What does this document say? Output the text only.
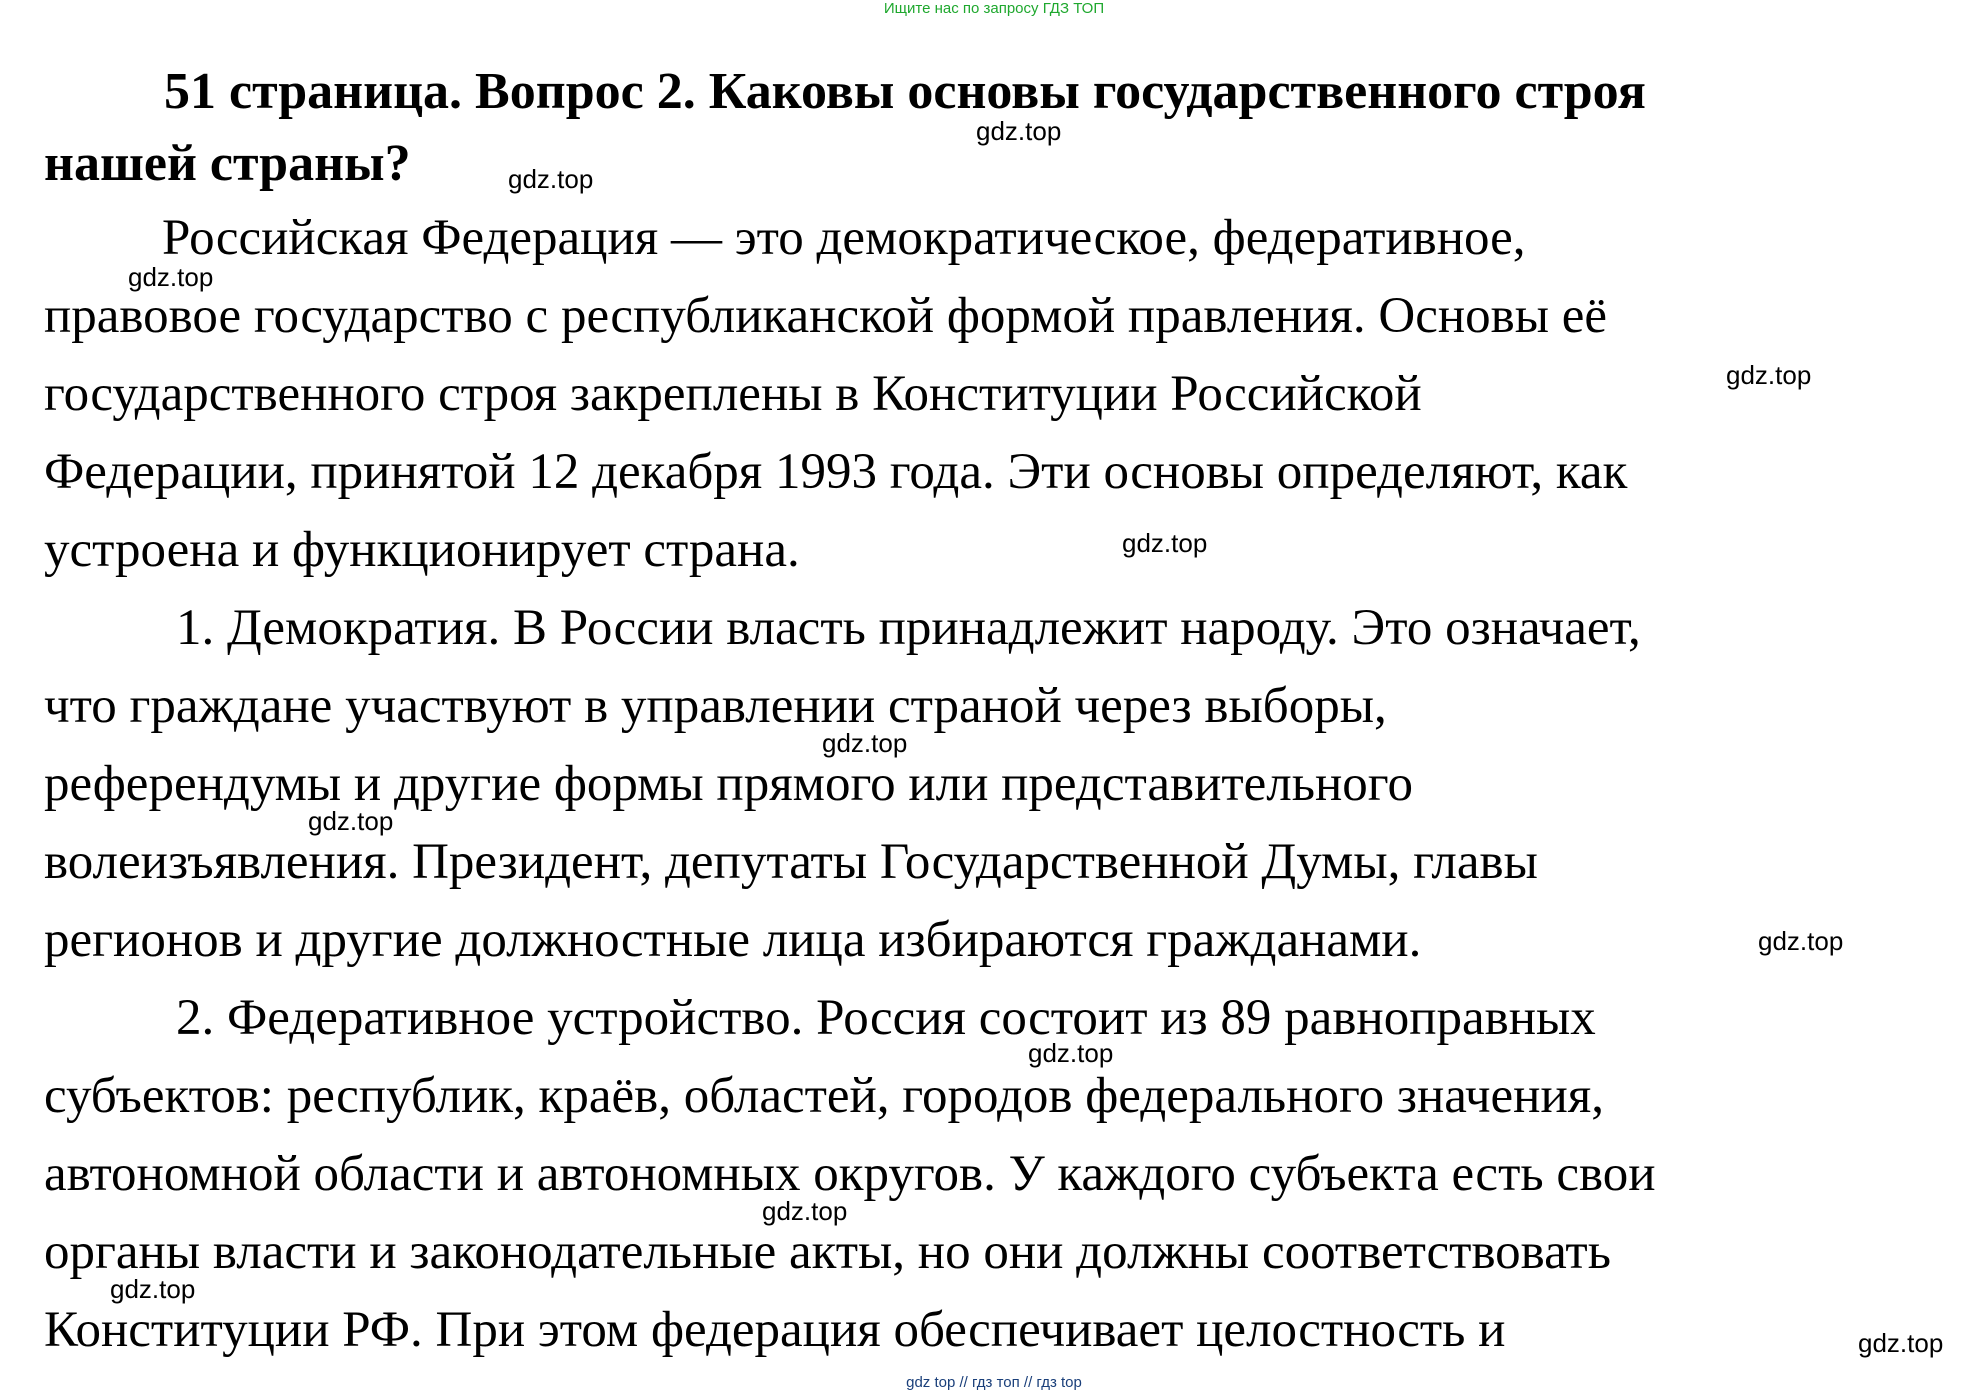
Ищите нас по запросу ГДЗ ТОП
51 страница. Вопрос 2. Каковы основы государственного строя
нашей страны?
Российская Федерация — это демократическое, федеративное,
правовое государство с республиканской формой правления. Основы её
государственного строя закреплены в Конституции Российской
Федерации, принятой 12 декабря 1993 года. Эти основы определяют, как
устроена и функционирует страна.
1. Демократия. В России власть принадлежит народу. Это означает,
что граждане участвуют в управлении страной через выборы,
референдумы и другие формы прямого или представительного
волеизъявления. Президент, депутаты Государственной Думы, главы
регионов и другие должностные лица избираются гражданами.
2. Федеративное устройство. Россия состоит из 89 равноправных
субъектов: республик, краёв, областей, городов федерального значения,
автономной области и автономных округов. У каждого субъекта есть свои
органы власти и законодательные акты, но они должны соответствовать
Конституции РФ. При этом федерация обеспечивает целостность и
gdz.top
gdz.top
gdz.top
gdz.top
gdz.top
gdz.top
gdz.top
gdz.top
gdz.top
gdz.top
gdz.top
gdz.top
gdz top // гдз топ // гдз top
